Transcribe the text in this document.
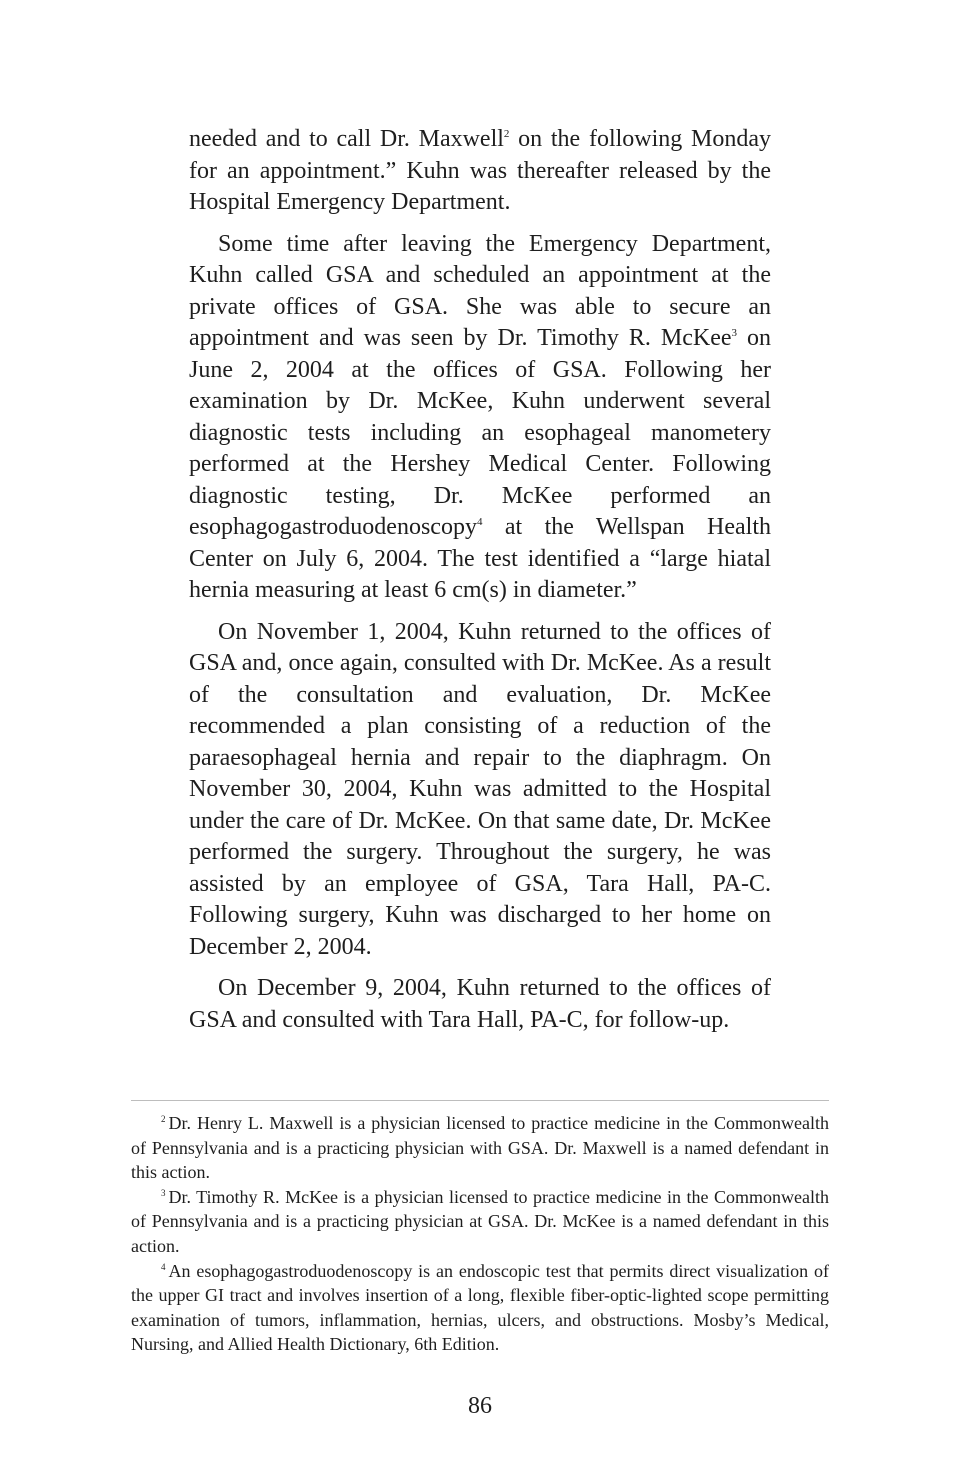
needed and to call Dr. Maxwell$^2$ on the following Monday for an appointment.” Kuhn was thereafter released by the Hospital Emergency Department.

Some time after leaving the Emergency Department, Kuhn called GSA and scheduled an appointment at the private offices of GSA. She was able to secure an appointment and was seen by Dr. Timothy R. McKee$^3$ on June 2, 2004 at the offices of GSA. Following her examination by Dr. McKee, Kuhn underwent several diagnostic tests including an esophageal manometery performed at the Hershey Medical Center. Following diagnostic testing, Dr. McKee performed an esophagogastroduodenoscopy$^4$ at the Wellspan Health Center on July 6, 2004. The test identified a “large hiatal hernia measuring at least 6 cm(s) in diameter.”

On November 1, 2004, Kuhn returned to the offices of GSA and, once again, consulted with Dr. McKee. As a result of the consultation and evaluation, Dr. McKee recommended a plan consisting of a reduction of the paraesophageal hernia and repair to the diaphragm. On November 30, 2004, Kuhn was admitted to the Hospital under the care of Dr. McKee. On that same date, Dr. McKee performed the surgery. Throughout the surgery, he was assisted by an employee of GSA, Tara Hall, PA-C. Following surgery, Kuhn was discharged to her home on December 2, 2004.

On December 9, 2004, Kuhn returned to the offices of GSA and consulted with Tara Hall, PA-C, for follow-up.

$^2$ Dr. Henry L. Maxwell is a physician licensed to practice medicine in the Commonwealth of Pennsylvania and is a practicing physician with GSA. Dr. Maxwell is a named defendant in this action.

$^3$ Dr. Timothy R. McKee is a physician licensed to practice medicine in the Commonwealth of Pennsylvania and is a practicing physician at GSA. Dr. McKee is a named defendant in this action.

$^4$ An esophagogastroduodenoscopy is an endoscopic test that permits direct visualization of the upper GI tract and involves insertion of a long, flexible fiber-optic-lighted scope permitting examination of tumors, inflammation, hernias, ulcers, and obstructions. Mosby’s Medical, Nursing, and Allied Health Dictionary, 6th Edition.

86
